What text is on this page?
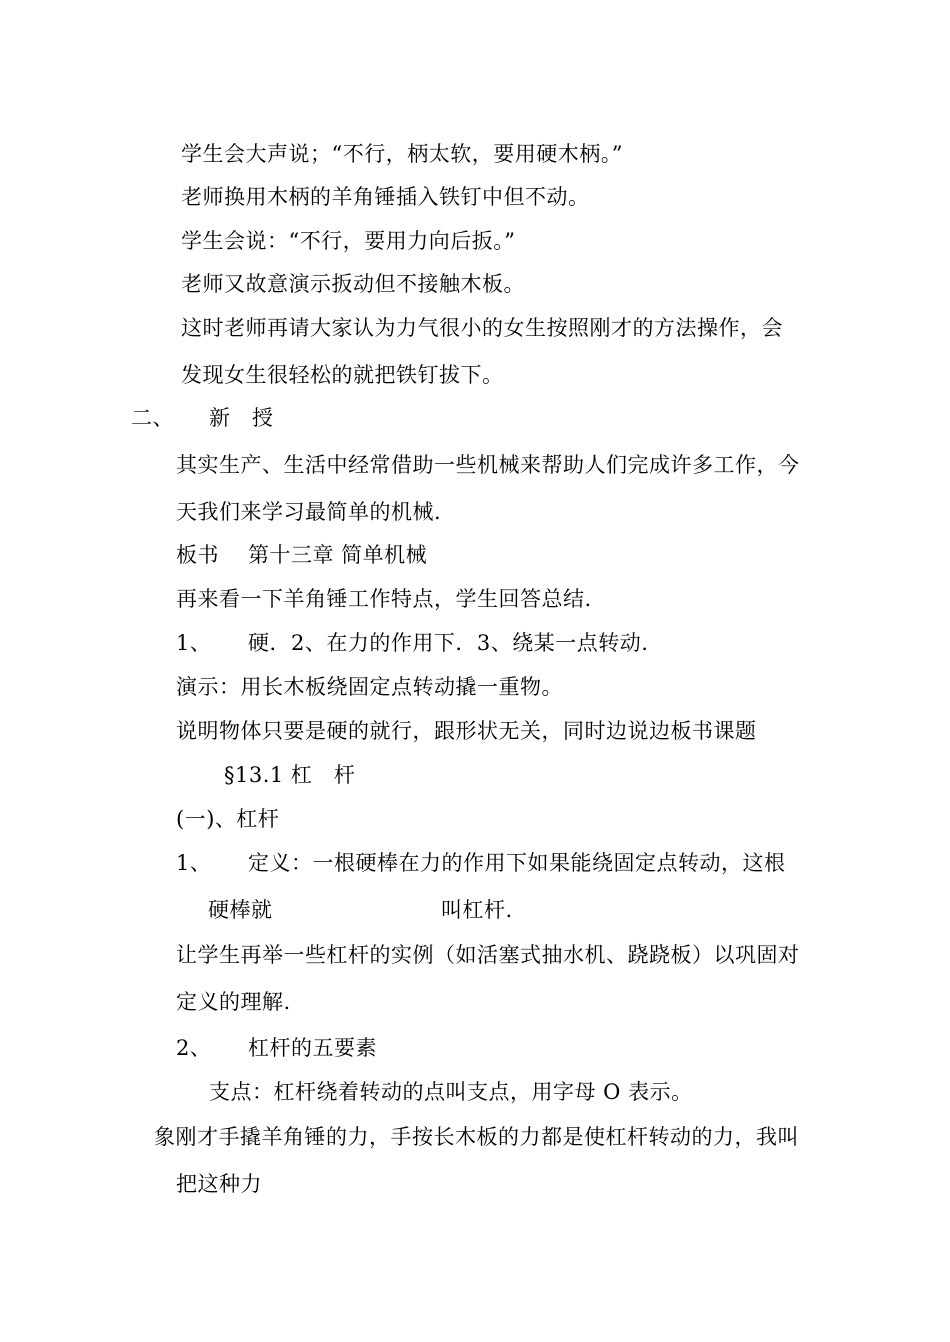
学生会大声说；“不行，柄太软，要用硬木柄。”
老师换用木柄的羊角锤插入铁钉中但不动。
学生会说：“不行，要用力向后扳。”
老师又故意演示扳动但不接触木板。
这时老师再请大家认为力气很小的女生按照刚才的方法操作，会
发现女生很轻松的就把铁钉拔下。
二、 新　授
其实生产、生活中经常借助一些机械来帮助人们完成许多工作，今
天我们来学习最简单的机械.
板书 第十三章 简单机械
再来看一下羊角锤工作特点，学生回答总结.
1、 硬．2、在力的作用下．3、绕某一点转动.
演示：用长木板绕固定点转动撬一重物。
说明物体只要是硬的就行，跟形状无关，同时边说边板书课题
§13.1 杠　杆
(一)、杠杆
1、 定义：一根硬棒在力的作用下如果能绕固定点转动，这根
硬棒就	叫杠杆.
让学生再举一些杠杆的实例（如活塞式抽水机、跷跷板）以巩固对
定义的理解.
2、 杠杆的五要素
支点：杠杆绕着转动的点叫支点，用字母 O 表示。
象刚才手撬羊角锤的力，手按长木板的力都是使杠杆转动的力，我叫
把这种力
